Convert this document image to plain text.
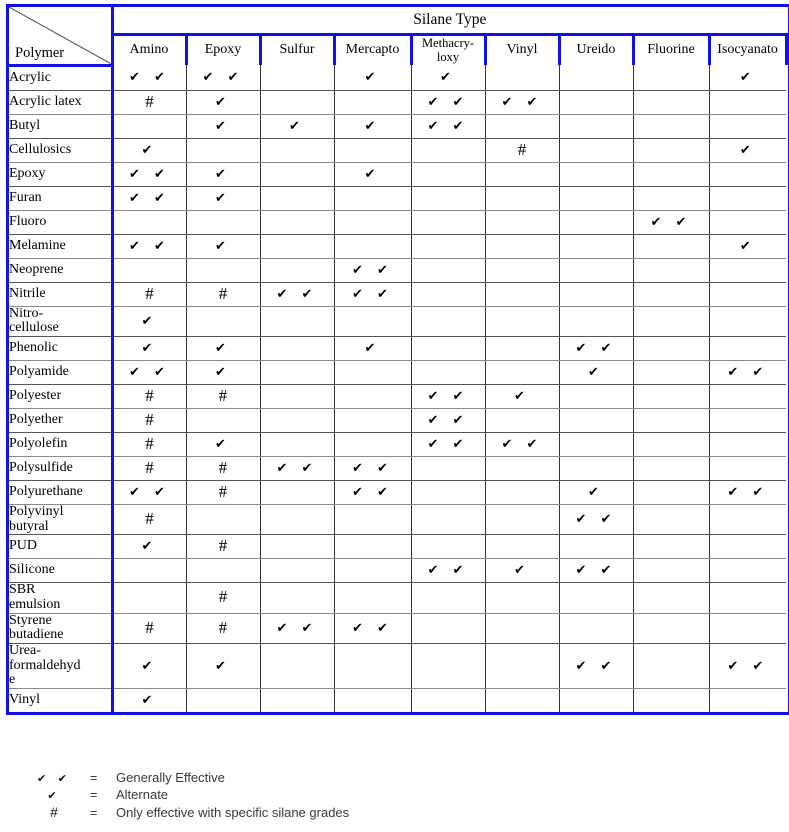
Polymer	Silane Type								
	Amino	Epoxy	Sulfur	Mercapto	Methacry-
loxy	Vinyl	Ureido	Fluorine	Isocyanato
Acrylic	✔ ✔	✔ ✔		✔	✔				✔
Acrylic latex	#	✔			✔ ✔	✔ ✔			
Butyl		✔	✔	✔	✔ ✔				
Cellulosics	✔					#			✔
Epoxy	✔ ✔	✔		✔					
Furan	✔ ✔	✔							
Fluoro								✔ ✔	
Melamine	✔ ✔	✔							✔
Neoprene				✔ ✔					
Nitrile	#	#	✔ ✔	✔ ✔					
Nitro-
cellulose	✔								
Phenolic	✔	✔		✔			✔ ✔		
Polyamide	✔ ✔	✔					✔		✔ ✔
Polyester	#	#			✔ ✔	✔			
Polyether	#				✔ ✔				
Polyolefin	#	✔			✔ ✔	✔ ✔			
Polysulfide	#	#	✔ ✔	✔ ✔					
Polyurethane	✔ ✔	#		✔ ✔			✔		✔ ✔
Polyvinyl
butyral	#						✔ ✔		
PUD	✔	#							
Silicone					✔ ✔	✔	✔ ✔		
SBR
emulsion		#							
Styrene
butadiene	#	#	✔ ✔	✔ ✔					
Urea-
formaldehyd
e	✔	✔					✔ ✔		✔ ✔
Vinyl	✔								
✔ ✔	=	Generally Effective
✔	=	Alternate
#	=	Only effective with specific silane grades
